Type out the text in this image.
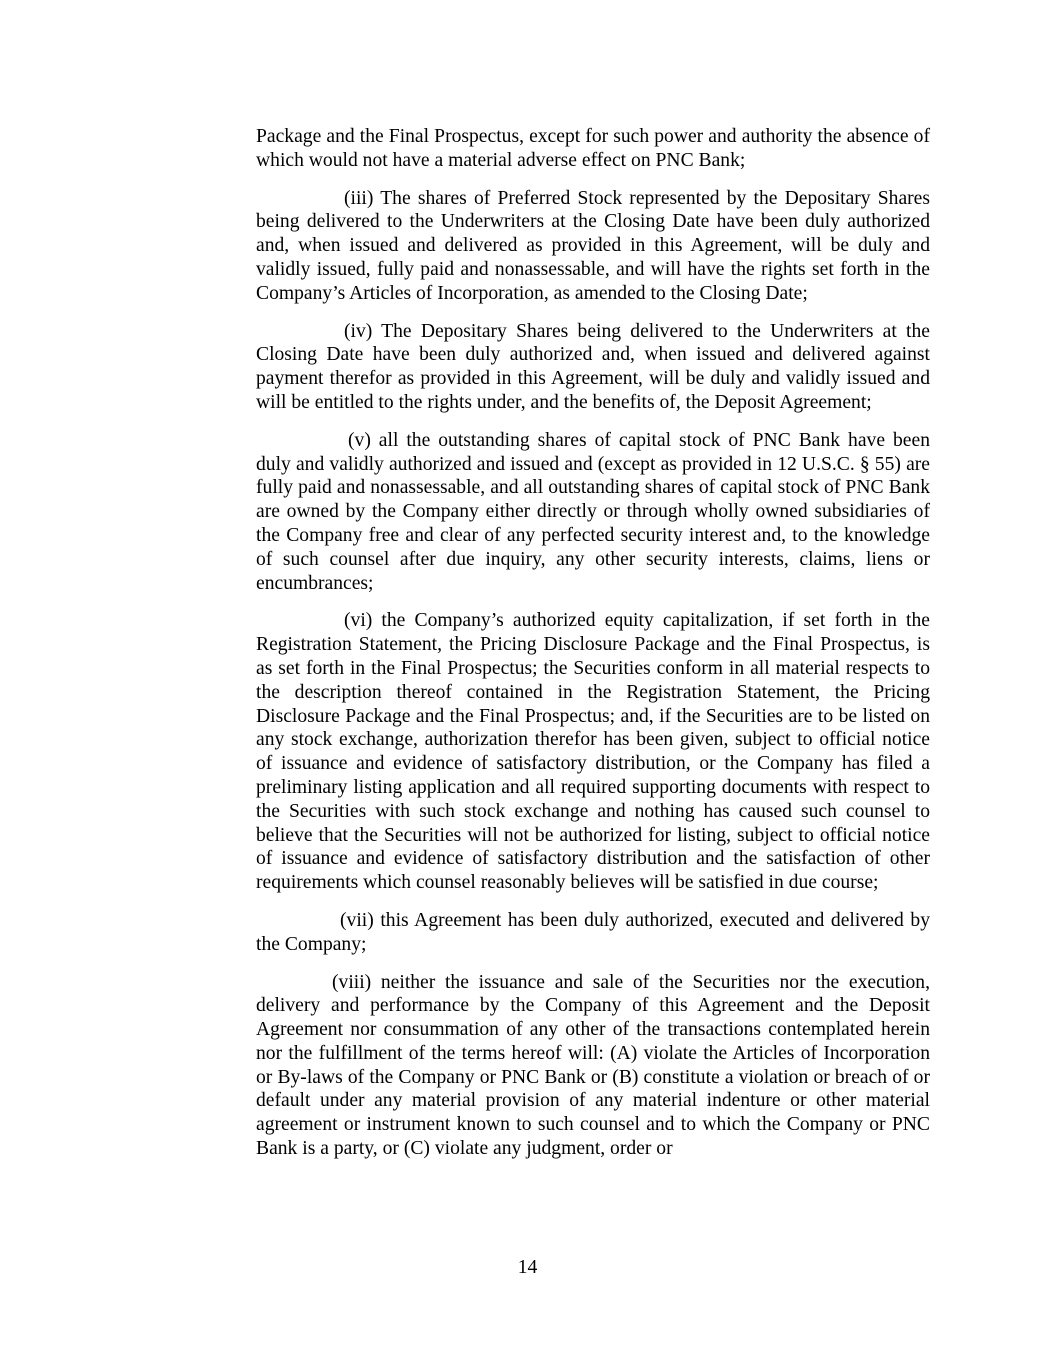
Package and the Final Prospectus, except for such power and authority the absence of which would not have a material adverse effect on PNC Bank;

(iii) The shares of Preferred Stock represented by the Depositary Shares being delivered to the Underwriters at the Closing Date have been duly authorized and, when issued and delivered as provided in this Agreement, will be duly and validly issued, fully paid and nonassessable, and will have the rights set forth in the Company’s Articles of Incorporation, as amended to the Closing Date;

(iv) The Depositary Shares being delivered to the Underwriters at the Closing Date have been duly authorized and, when issued and delivered against payment therefor as provided in this Agreement, will be duly and validly issued and will be entitled to the rights under, and the benefits of, the Deposit Agreement;

(v) all the outstanding shares of capital stock of PNC Bank have been duly and validly authorized and issued and (except as provided in 12 U.S.C. § 55) are fully paid and nonassessable, and all outstanding shares of capital stock of PNC Bank are owned by the Company either directly or through wholly owned subsidiaries of the Company free and clear of any perfected security interest and, to the knowledge of such counsel after due inquiry, any other security interests, claims, liens or encumbrances;

(vi) the Company’s authorized equity capitalization, if set forth in the Registration Statement, the Pricing Disclosure Package and the Final Prospectus, is as set forth in the Final Prospectus; the Securities conform in all material respects to the description thereof contained in the Registration Statement, the Pricing Disclosure Package and the Final Prospectus; and, if the Securities are to be listed on any stock exchange, authorization therefor has been given, subject to official notice of issuance and evidence of satisfactory distribution, or the Company has filed a preliminary listing application and all required supporting documents with respect to the Securities with such stock exchange and nothing has caused such counsel to believe that the Securities will not be authorized for listing, subject to official notice of issuance and evidence of satisfactory distribution and the satisfaction of other requirements which counsel reasonably believes will be satisfied in due course;

(vii) this Agreement has been duly authorized, executed and delivered by the Company;

(viii) neither the issuance and sale of the Securities nor the execution, delivery and performance by the Company of this Agreement and the Deposit Agreement nor consummation of any other of the transactions contemplated herein nor the fulfillment of the terms hereof will: (A) violate the Articles of Incorporation or By-laws of the Company or PNC Bank or (B) constitute a violation or breach of or default under any material provision of any material indenture or other material agreement or instrument known to such counsel and to which the Company or PNC Bank is a party, or (C) violate any judgment, order or

14
